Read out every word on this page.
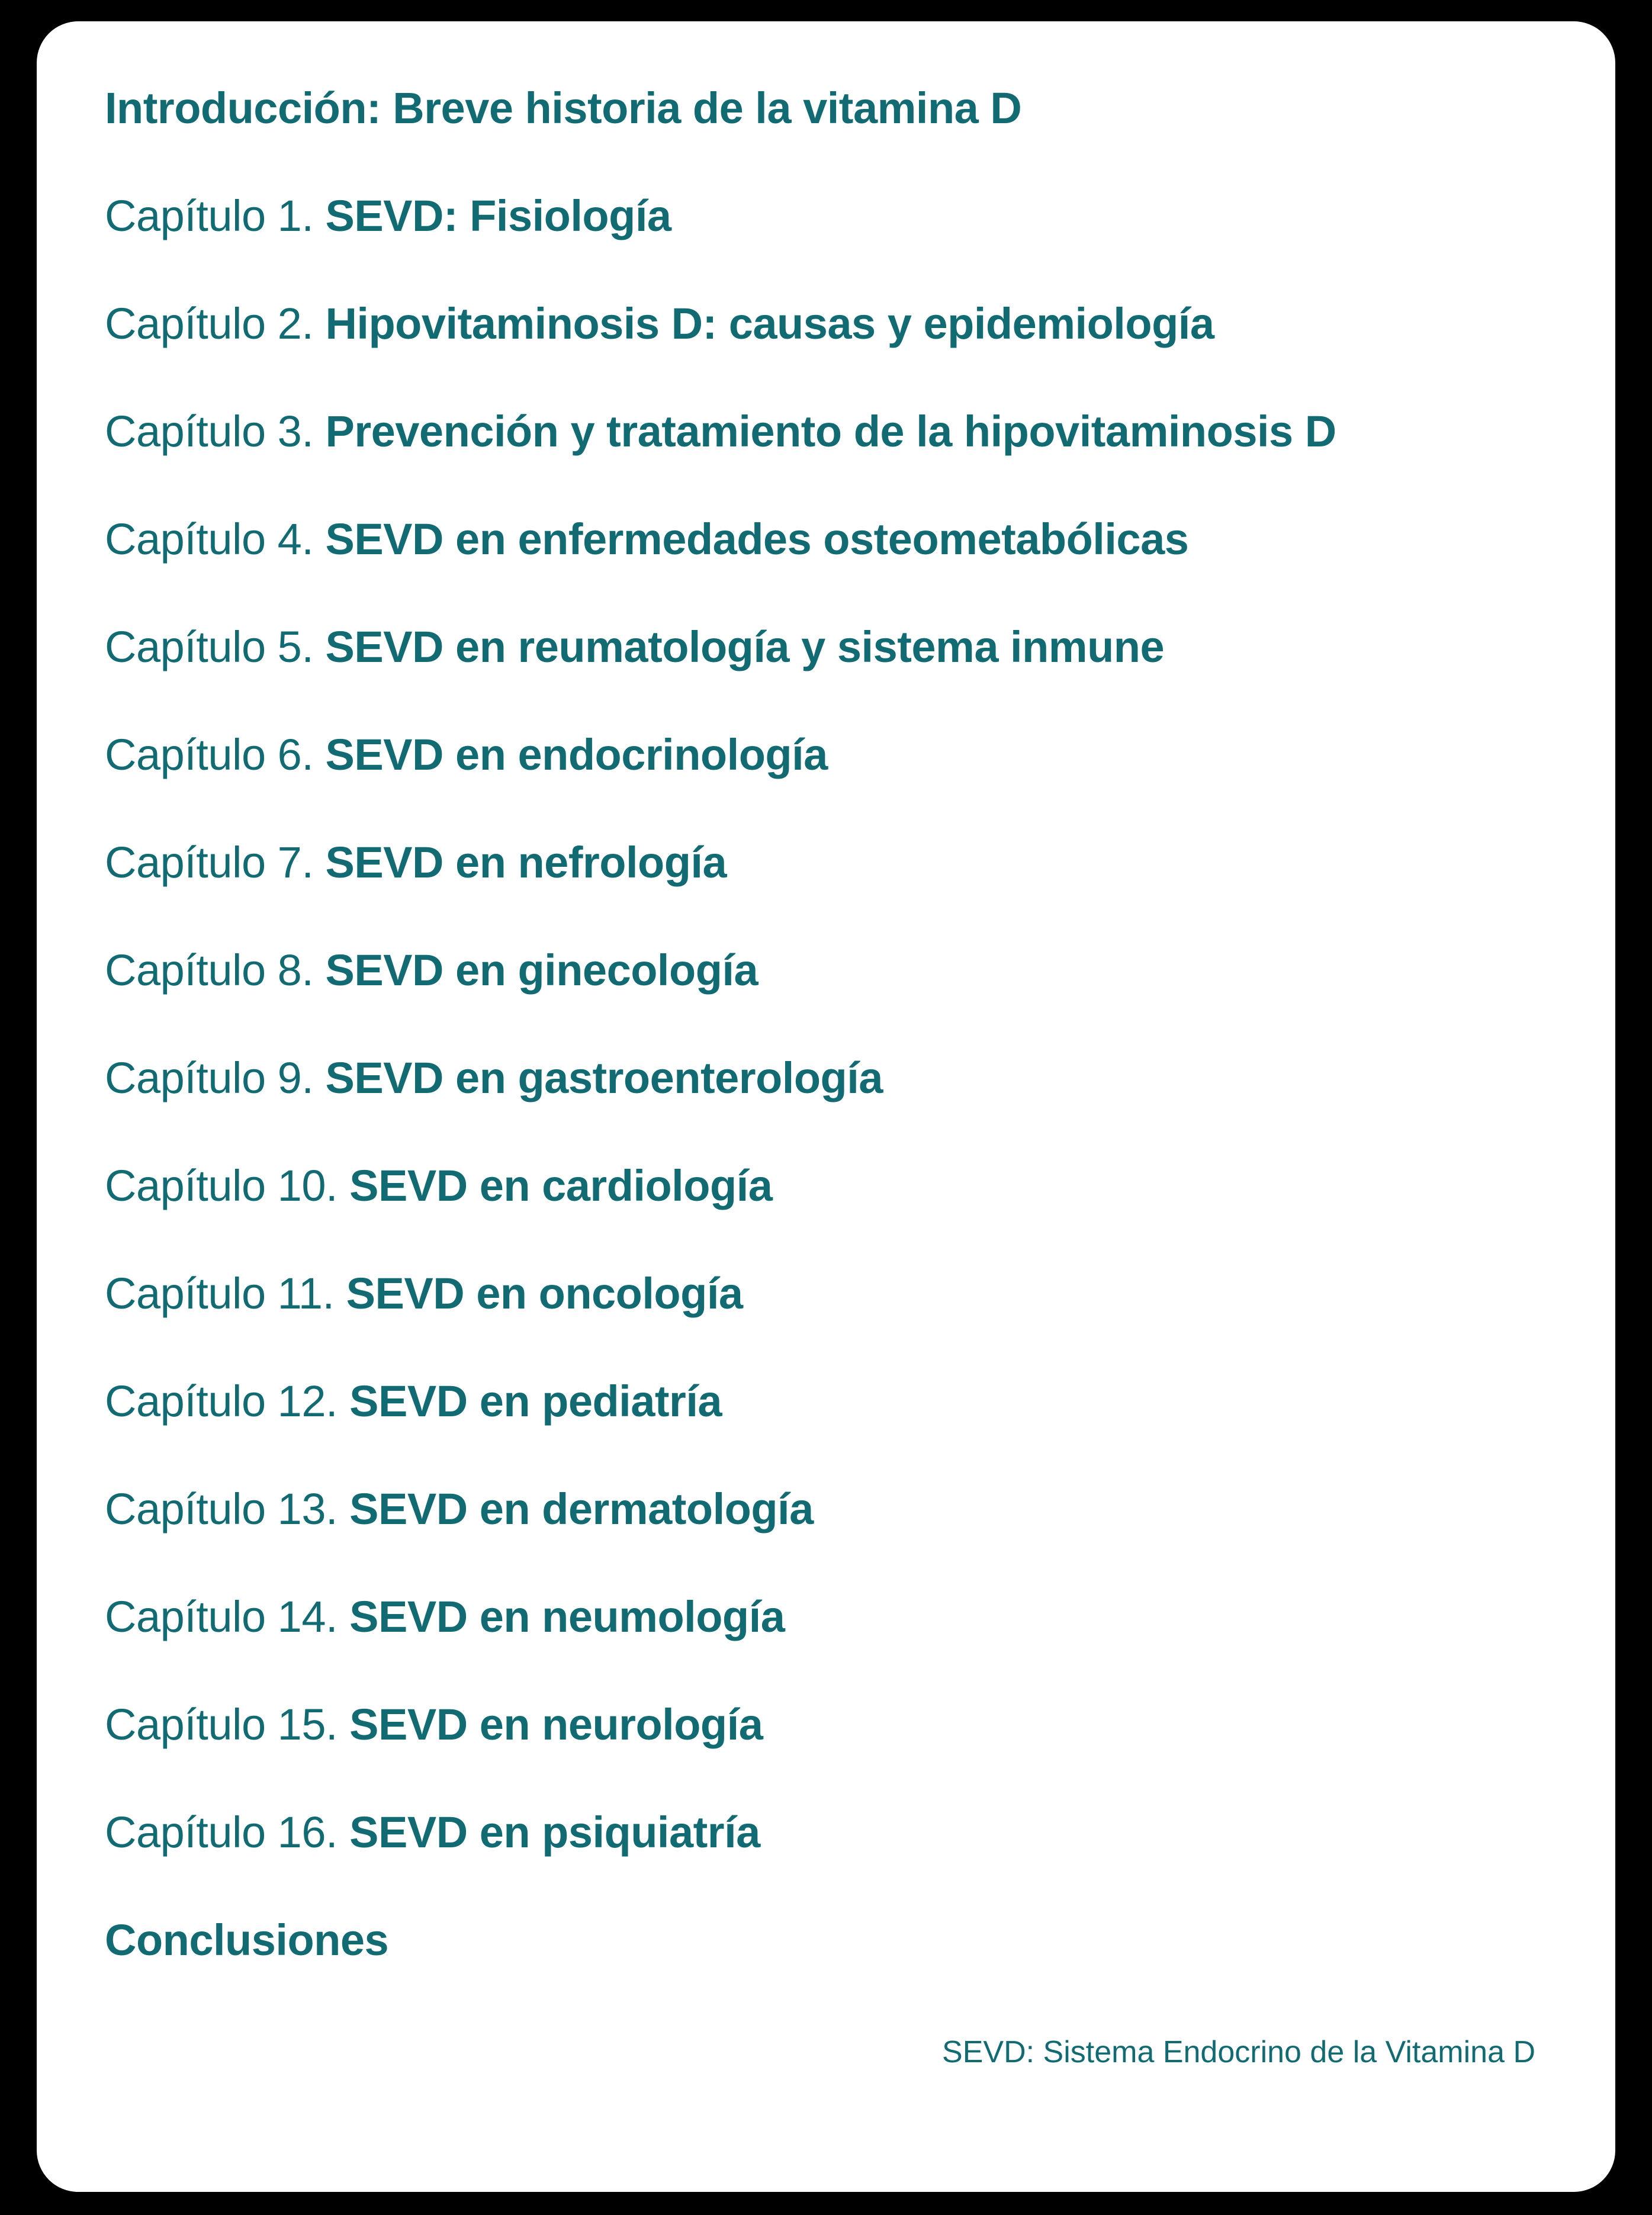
Introducción: Breve historia de la vitamina D
Capítulo 1. SEVD: Fisiología
Capítulo 2. Hipovitaminosis D: causas y epidemiología
Capítulo 3. Prevención y tratamiento de la hipovitaminosis D
Capítulo 4. SEVD en enfermedades osteometabólicas
Capítulo 5. SEVD en reumatología y sistema inmune
Capítulo 6. SEVD en endocrinología
Capítulo 7. SEVD en nefrología
Capítulo 8. SEVD en ginecología
Capítulo 9. SEVD en gastroenterología
Capítulo 10. SEVD en cardiología
Capítulo 11. SEVD en oncología
Capítulo 12. SEVD en pediatría
Capítulo 13. SEVD en dermatología
Capítulo 14. SEVD en neumología
Capítulo 15. SEVD en neurología
Capítulo 16. SEVD en psiquiatría
Conclusiones
SEVD: Sistema Endocrino de la Vitamina D
